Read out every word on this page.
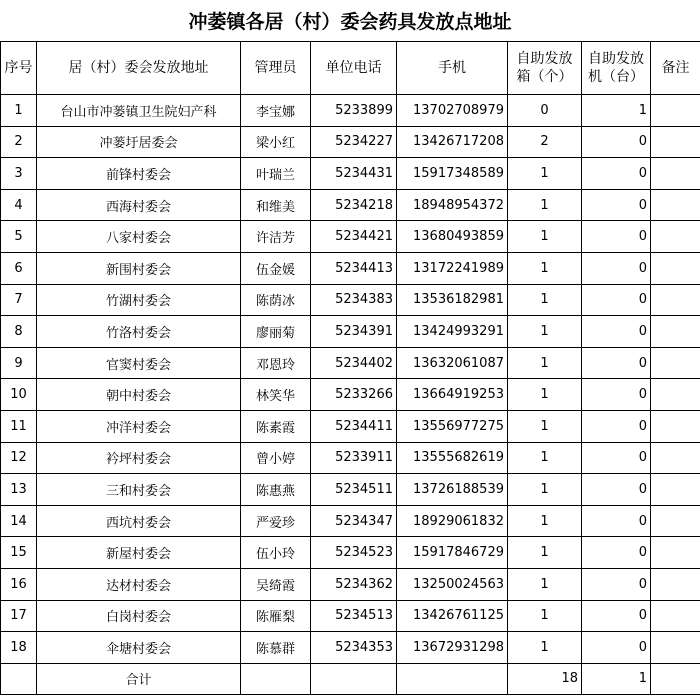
冲萎镇各居（村）委会药具发放点地址
序号	居（村）委会发放地址	管理员	单位电话	手机	自助发放箱（个）	自助发放机（台）	备注
1	台山市冲蒌镇卫生院妇产科	李宝娜	5233899	13702708979	0	1	
2	冲蒌圩居委会	梁小红	5234227	13426717208	2	0	
3	前锋村委会	叶瑞兰	5234431	15917348589	1	0	
4	西海村委会	和维美	5234218	18948954372	1	0	
5	八家村委会	许洁芳	5234421	13680493859	1	0	
6	新围村委会	伍金媛	5234413	13172241989	1	0	
7	竹湖村委会	陈荫冰	5234383	13536182981	1	0	
8	竹洛村委会	廖丽菊	5234391	13424993291	1	0	
9	官窦村委会	邓恩玲	5234402	13632061087	1	0	
10	朝中村委会	林笑华	5233266	13664919253	1	0	
11	冲洋村委会	陈素霞	5234411	13556977275	1	0	
12	衿坪村委会	曾小婷	5233911	13555682619	1	0	
13	三和村委会	陈惠燕	5234511	13726188539	1	0	
14	西坑村委会	严爱珍	5234347	18929061832	1	0	
15	新屋村委会	伍小玲	5234523	15917846729	1	0	
16	达材村委会	吴绮霞	5234362	13250024563	1	0	
17	白岗村委会	陈雁梨	5234513	13426761125	1	0	
18	伞塘村委会	陈慕群	5234353	13672931298	1	0	
	合计				18	1	
